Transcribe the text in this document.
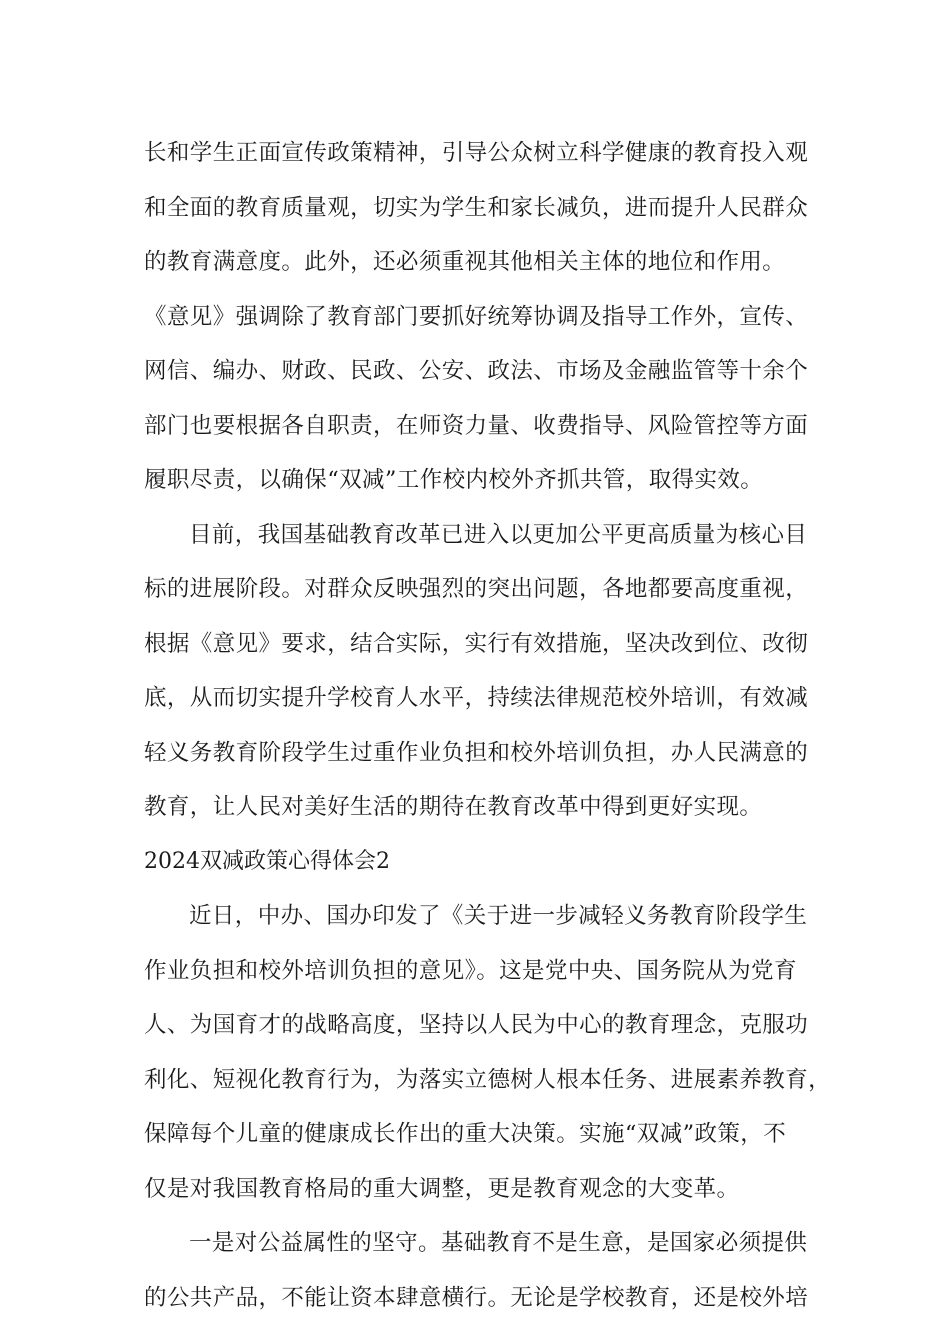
长和学生正面宣传政策精神，引导公众树立科学健康的教育投入观
和全面的教育质量观，切实为学生和家长减负，进而提升人民群众
的教育满意度。此外，还必须重视其他相关主体的地位和作用。
《意见》强调除了教育部门要抓好统筹协调及指导工作外，宣传、
网信、编办、财政、民政、公安、政法、市场及金融监管等十余个
部门也要根据各自职责，在师资力量、收费指导、风险管控等方面
履职尽责，以确保“双减”工作校内校外齐抓共管，取得实效。
目前，我国基础教育改革已进入以更加公平更高质量为核心目
标的进展阶段。对群众反映强烈的突出问题，各地都要高度重视，
根据《意见》要求，结合实际，实行有效措施，坚决改到位、改彻
底，从而切实提升学校育人水平，持续法律规范校外培训，有效减
轻义务教育阶段学生过重作业负担和校外培训负担，办人民满意的
教育，让人民对美好生活的期待在教育改革中得到更好实现。
2024双减政策心得体会2
近日，中办、国办印发了《关于进一步减轻义务教育阶段学生
作业负担和校外培训负担的意见》。这是党中央、国务院从为党育
人、为国育才的战略高度，坚持以人民为中心的教育理念，克服功
利化、短视化教育行为，为落实立德树人根本任务、进展素养教育，
保障每个儿童的健康成长作出的重大决策。实施“双减”政策，不
仅是对我国教育格局的重大调整，更是教育观念的大变革。
一是对公益属性的坚守。基础教育不是生意，是国家必须提供
的公共产品，不能让资本肆意横行。无论是学校教育，还是校外培
